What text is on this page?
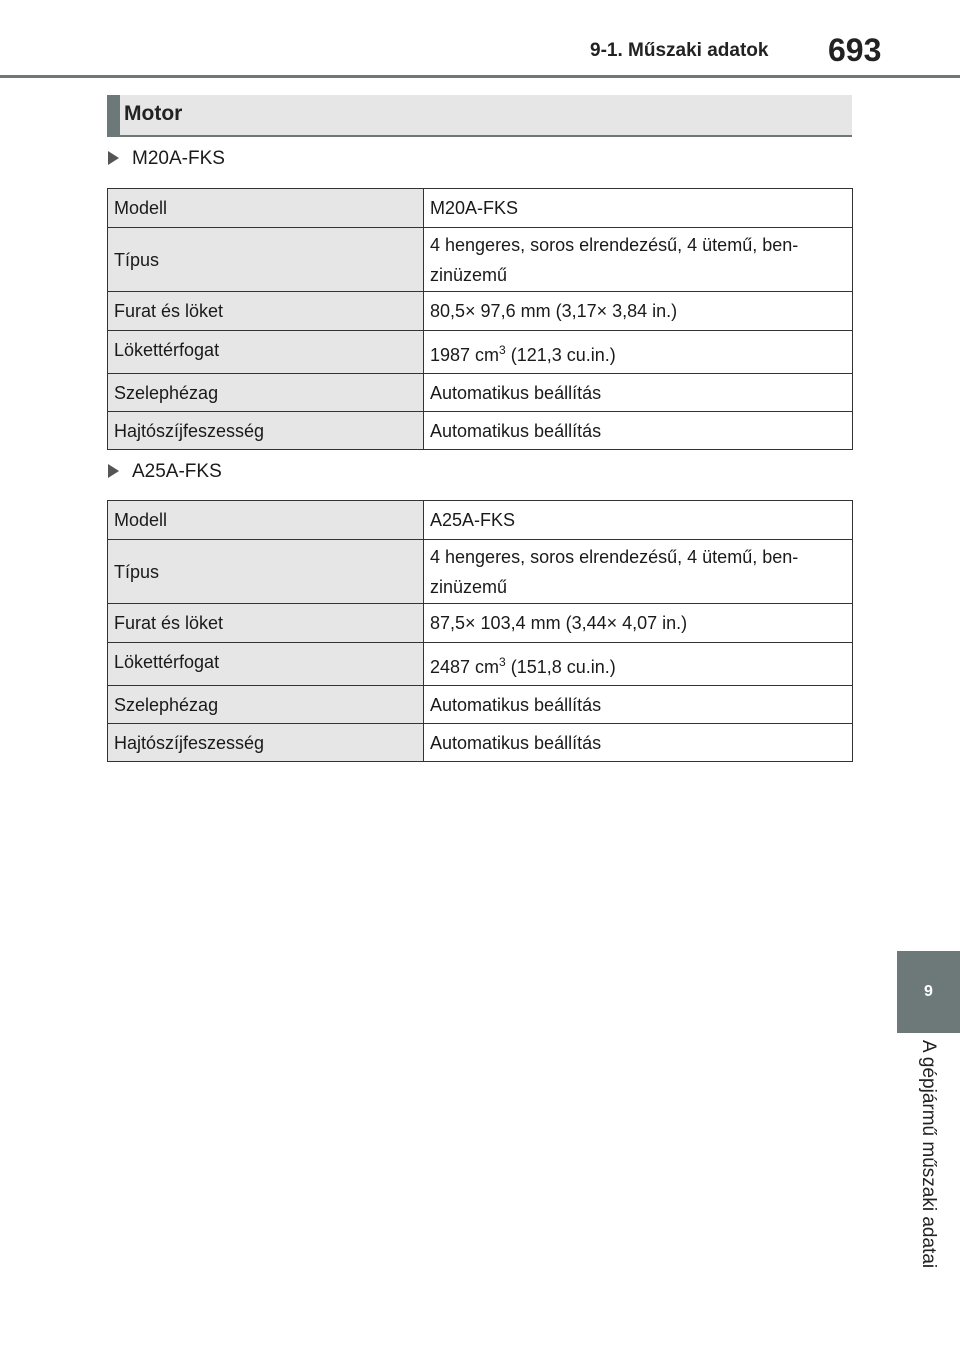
9-1. Műszaki adatok 693
Motor
M20A-FKS
Modell	M20A-FKS
Típus	4 hengeres, soros elrendezésű, 4 ütemű, ben-
zinüzemű
Furat és löket	80,5× 97,6 mm (3,17× 3,84 in.)
Lökettérfogat	1987 $cm^3$ (121,3 cu.in.)
Szelephézag	Automatikus beállítás
Hajtószíjfeszesség	Automatikus beállítás
A25A-FKS
Modell	A25A-FKS
Típus	4 hengeres, soros elrendezésű, 4 ütemű, ben-
zinüzemű
Furat és löket	87,5× 103,4 mm (3,44× 4,07 in.)
Lökettérfogat	2487 $cm^3$ (151,8 cu.in.)
Szelephézag	Automatikus beállítás
Hajtószíjfeszesség	Automatikus beállítás
9
A gépjármű műszaki adatai
